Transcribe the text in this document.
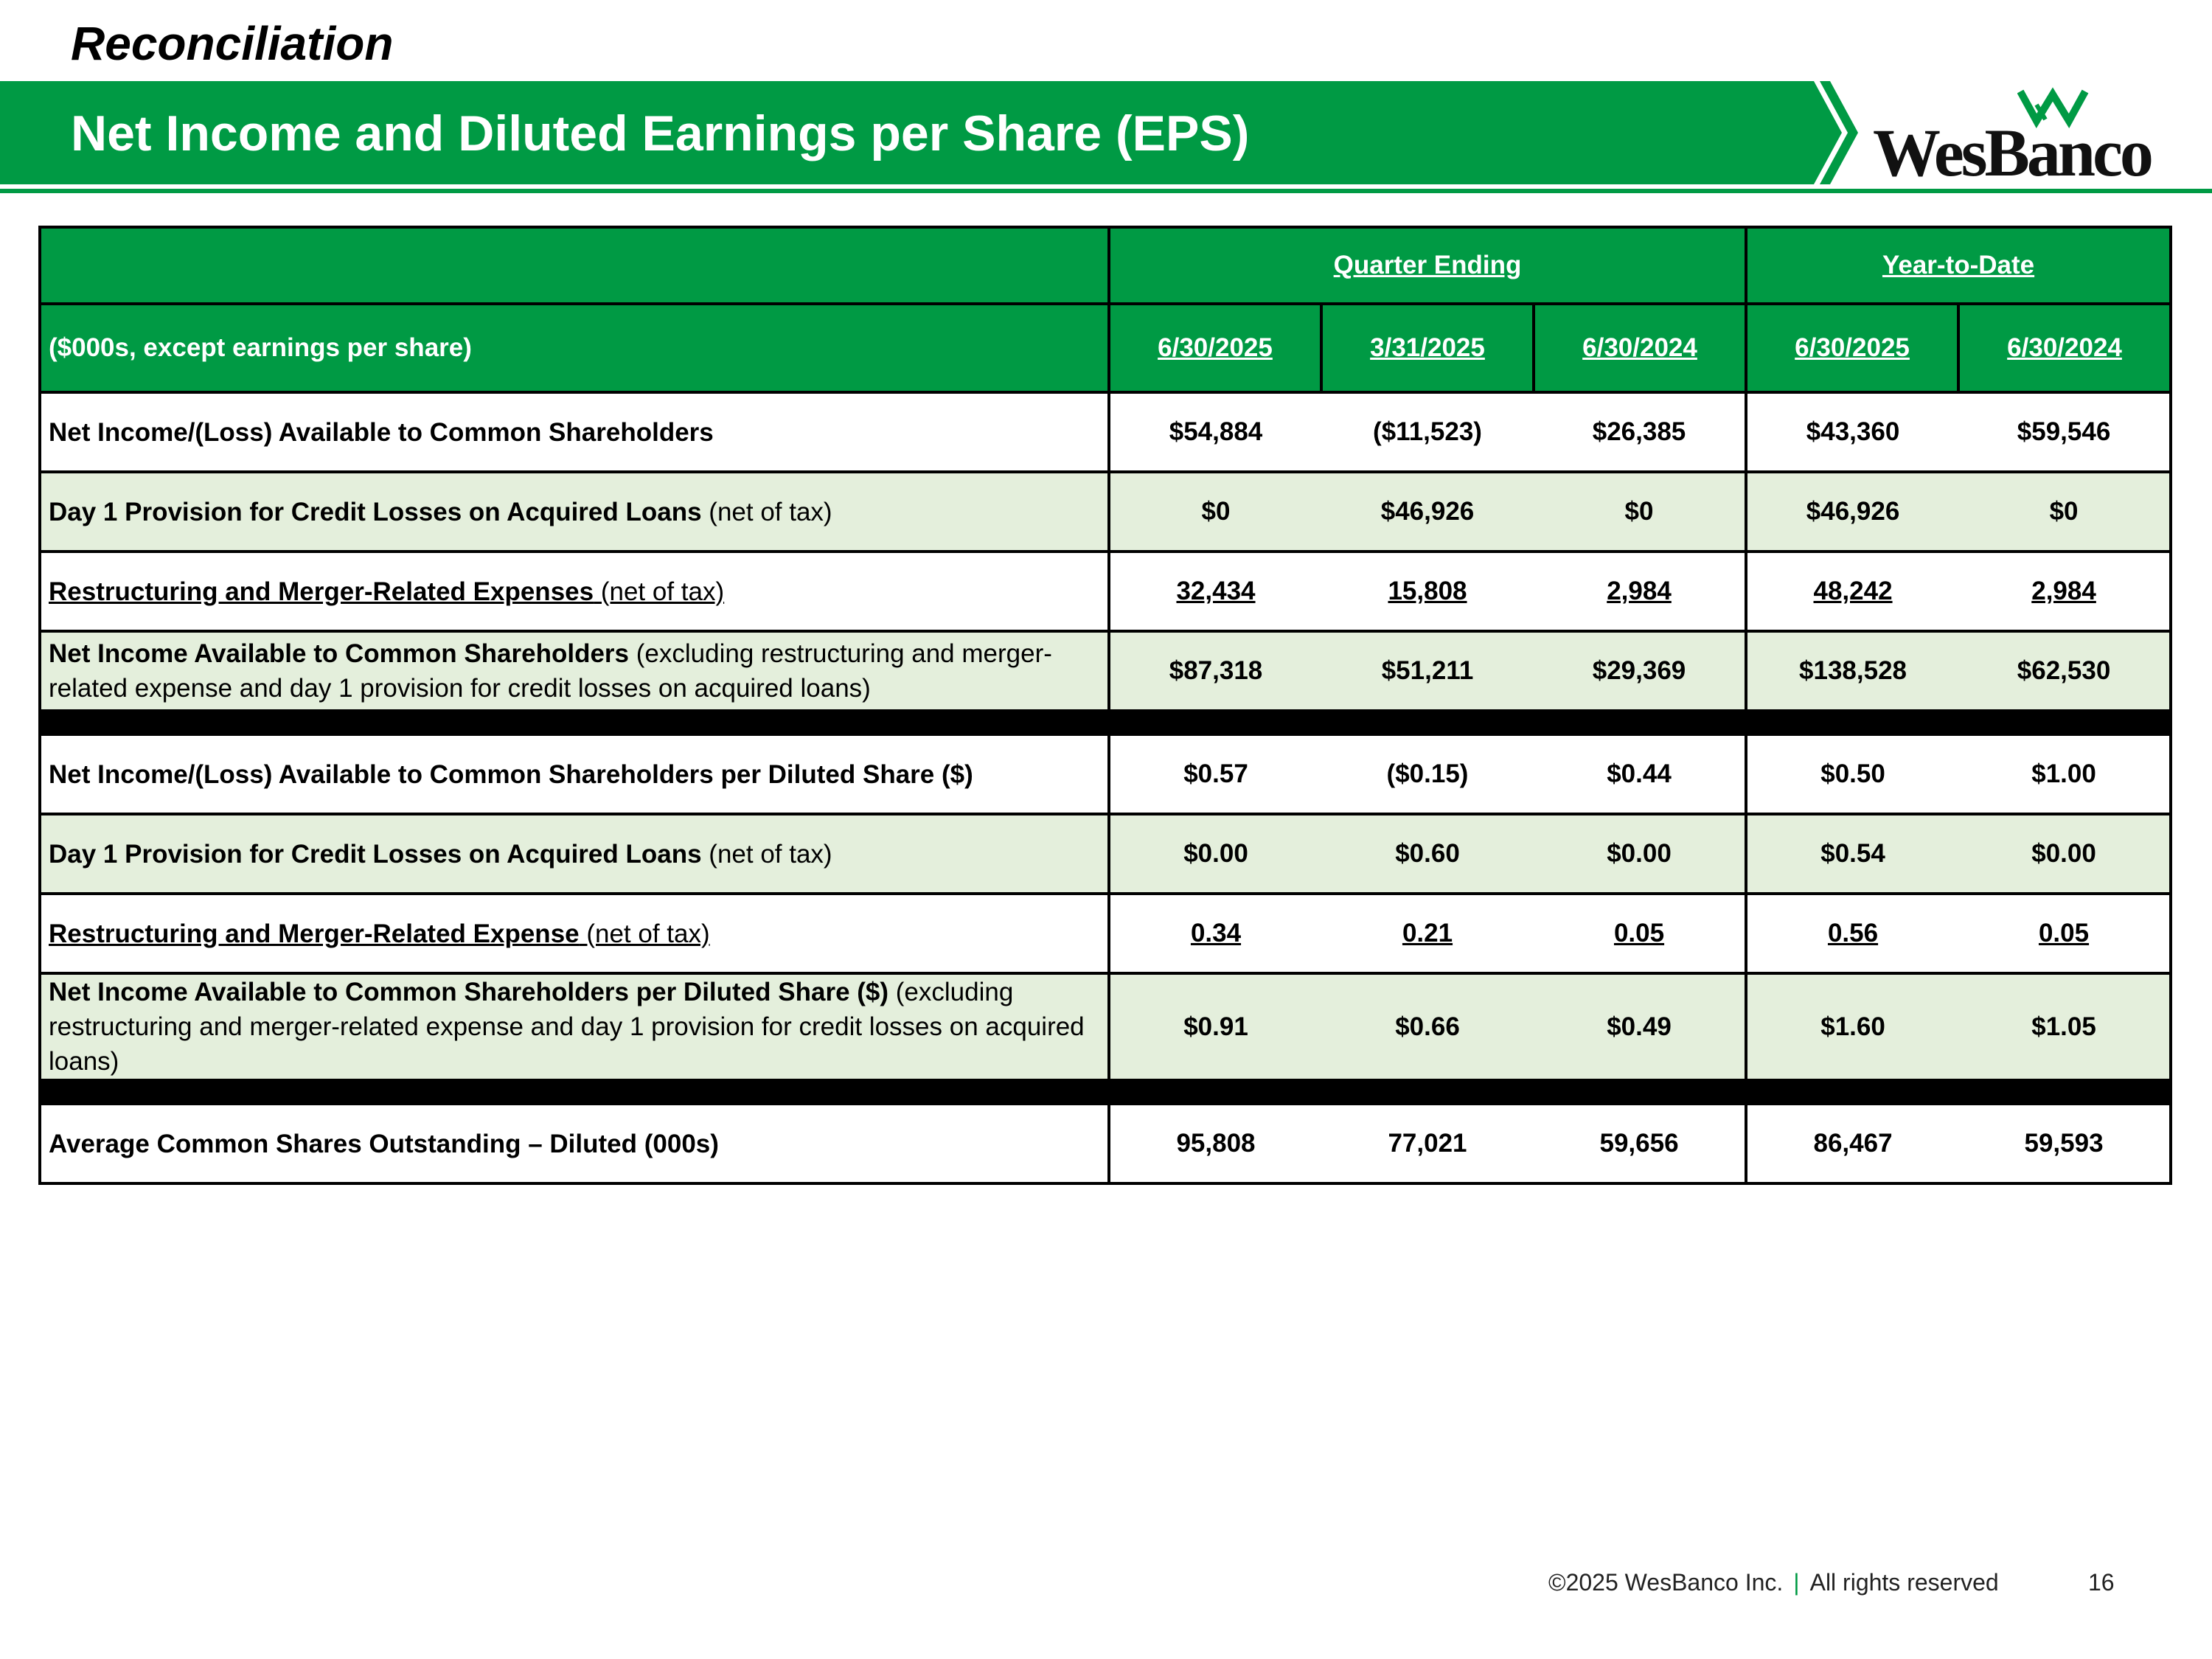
Reconciliation
Net Income and Diluted Earnings per Share (EPS)	WesBanco
	Quarter Ending			Year-to-Date	
($000s, except earnings per share)	6/30/2025	3/31/2025	6/30/2024	6/30/2025	6/30/2024
Net Income/(Loss) Available to Common Shareholders	$54,884	($11,523)	$26,385	$43,360	$59,546
Day 1 Provision for Credit Losses on Acquired Loans (net of tax)	$0	$46,926	$0	$46,926	$0
Restructuring and Merger-Related Expenses (net of tax)	32,434	15,808	2,984	48,242	2,984
Net Income Available to Common Shareholders (excluding restructuring and merger-related expense and day 1 provision for credit losses on acquired loans)	$87,318	$51,211	$29,369	$138,528	$62,530

Net Income/(Loss) Available to Common Shareholders per Diluted Share ($)	$0.57	($0.15)	$0.44	$0.50	$1.00
Day 1 Provision for Credit Losses on Acquired Loans (net of tax)	$0.00	$0.60	$0.00	$0.54	$0.00
Restructuring and Merger-Related Expense (net of tax)	0.34	0.21	0.05	0.56	0.05
Net Income Available to Common Shareholders per Diluted Share ($) (excluding restructuring and merger-related expense and day 1 provision for credit losses on acquired loans)	$0.91	$0.66	$0.49	$1.60	$1.05

Average Common Shares Outstanding – Diluted (000s)	95,808	77,021	59,656	86,467	59,593
©2025 WesBanco Inc. | All rights reserved	16
